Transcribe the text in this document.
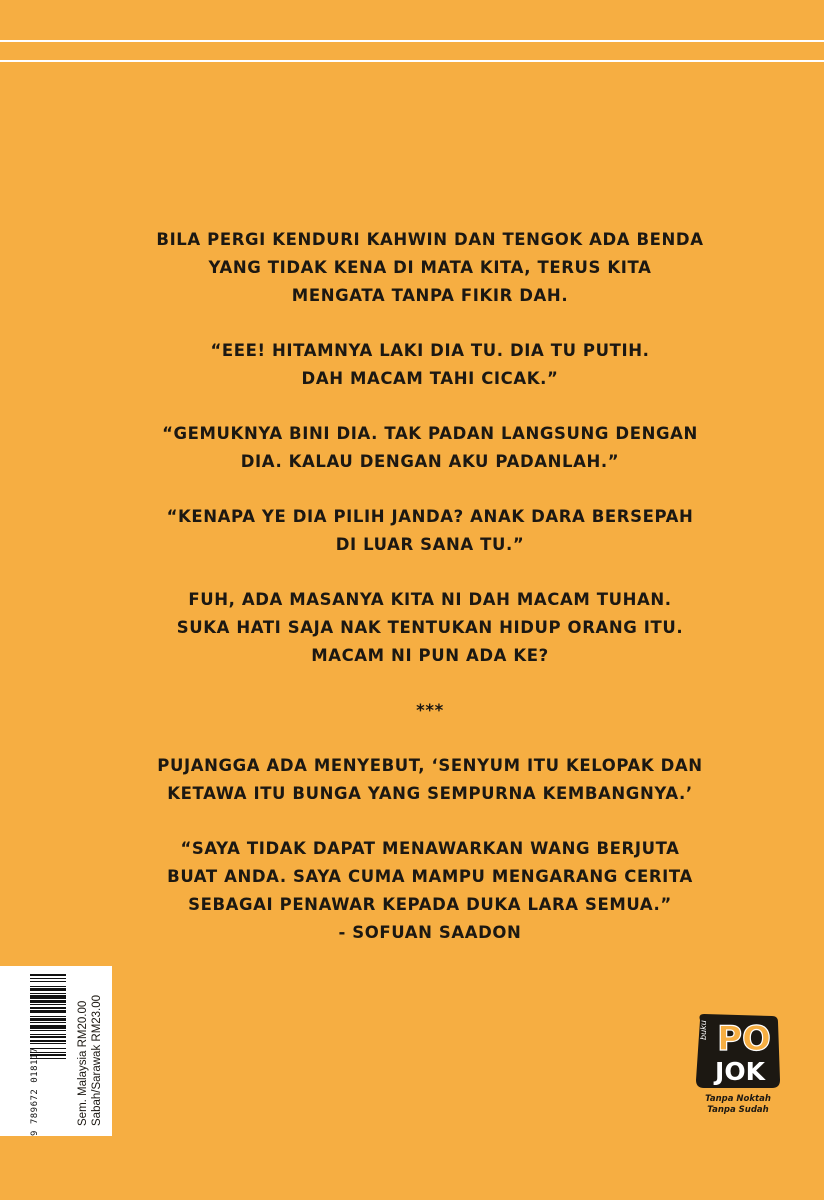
BILA PERGI KENDURI KAHWIN DAN TENGOK ADA BENDA
YANG TIDAK KENA DI MATA KITA, TERUS KITA
MENGATA TANPA FIKIR DAH.

“EEE! HITAMNYA LAKI DIA TU. DIA TU PUTIH.
DAH MACAM TAHI CICAK.”

“GEMUKNYA BINI DIA. TAK PADAN LANGSUNG DENGAN
DIA. KALAU DENGAN AKU PADANLAH.”

“KENAPA YE DIA PILIH JANDA? ANAK DARA BERSEPAH
DI LUAR SANA TU.”

FUH, ADA MASANYA KITA NI DAH MACAM TUHAN.
SUKA HATI SAJA NAK TENTUKAN HIDUP ORANG ITU.
MACAM NI PUN ADA KE?

***

PUJANGGA ADA MENYEBUT, ‘SENYUM ITU KELOPAK DAN
KETAWA ITU BUNGA YANG SEMPURNA KEMBANGNYA.’

“SAYA TIDAK DAPAT MENAWARKAN WANG BERJUTA
BUAT ANDA. SAYA CUMA MAMPU MENGARANG CERITA
SEBAGAI PENAWAR KEPADA DUKA LARA SEMUA.”

- SOFUAN SAADON

9 789672 018117	Sem. Malaysia RM20.00 Sabah/Sarawak RM23.00	buku PO
JOK
Tanpa Noktah
Tanpa Sudah
